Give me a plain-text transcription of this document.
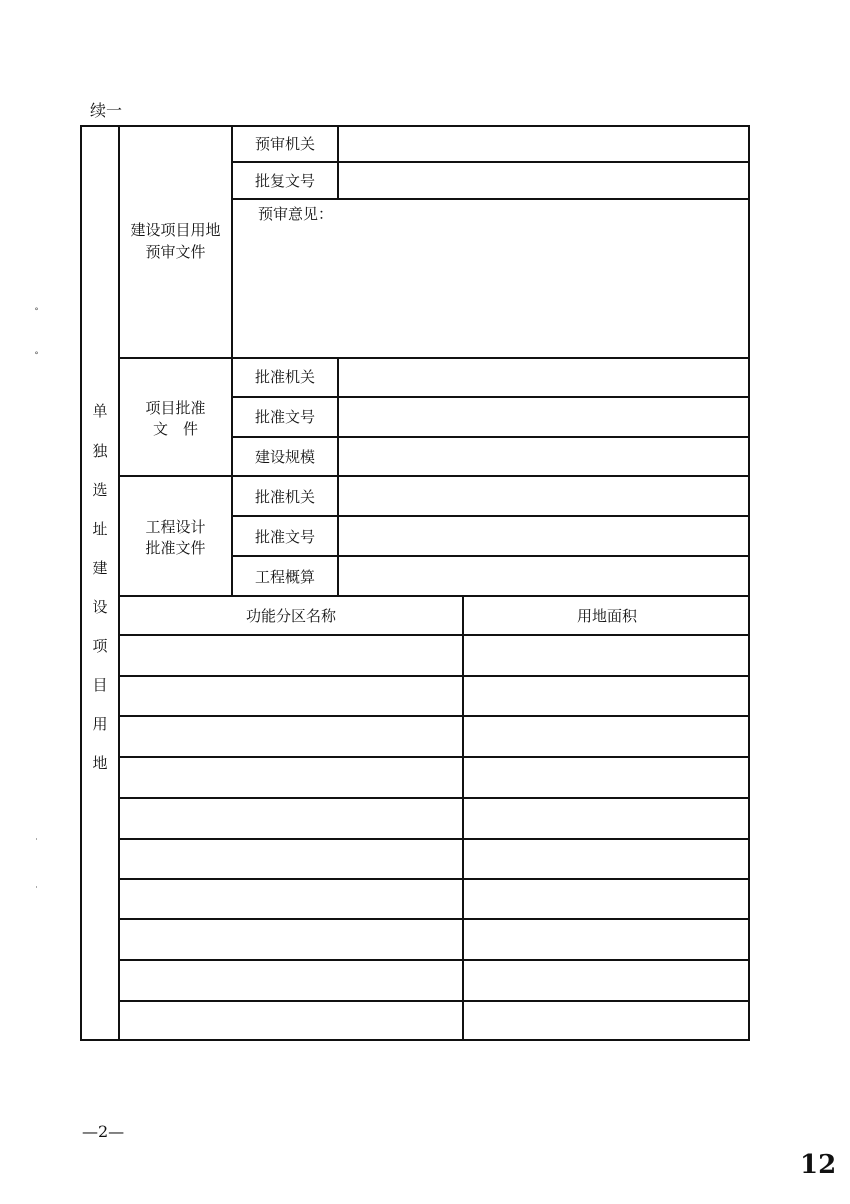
续一
单
独
选
址
建
设
项
目
用
地
建设项目用地
预审文件
预审机关
批复文号
预审意见：
项目批准
文　件
批准机关
批准文号
建设规模
工程设计
批准文件
批准机关
批准文号
工程概算
功能分区名称	用地面积
—2—
12
˚
˚
˙
˙
